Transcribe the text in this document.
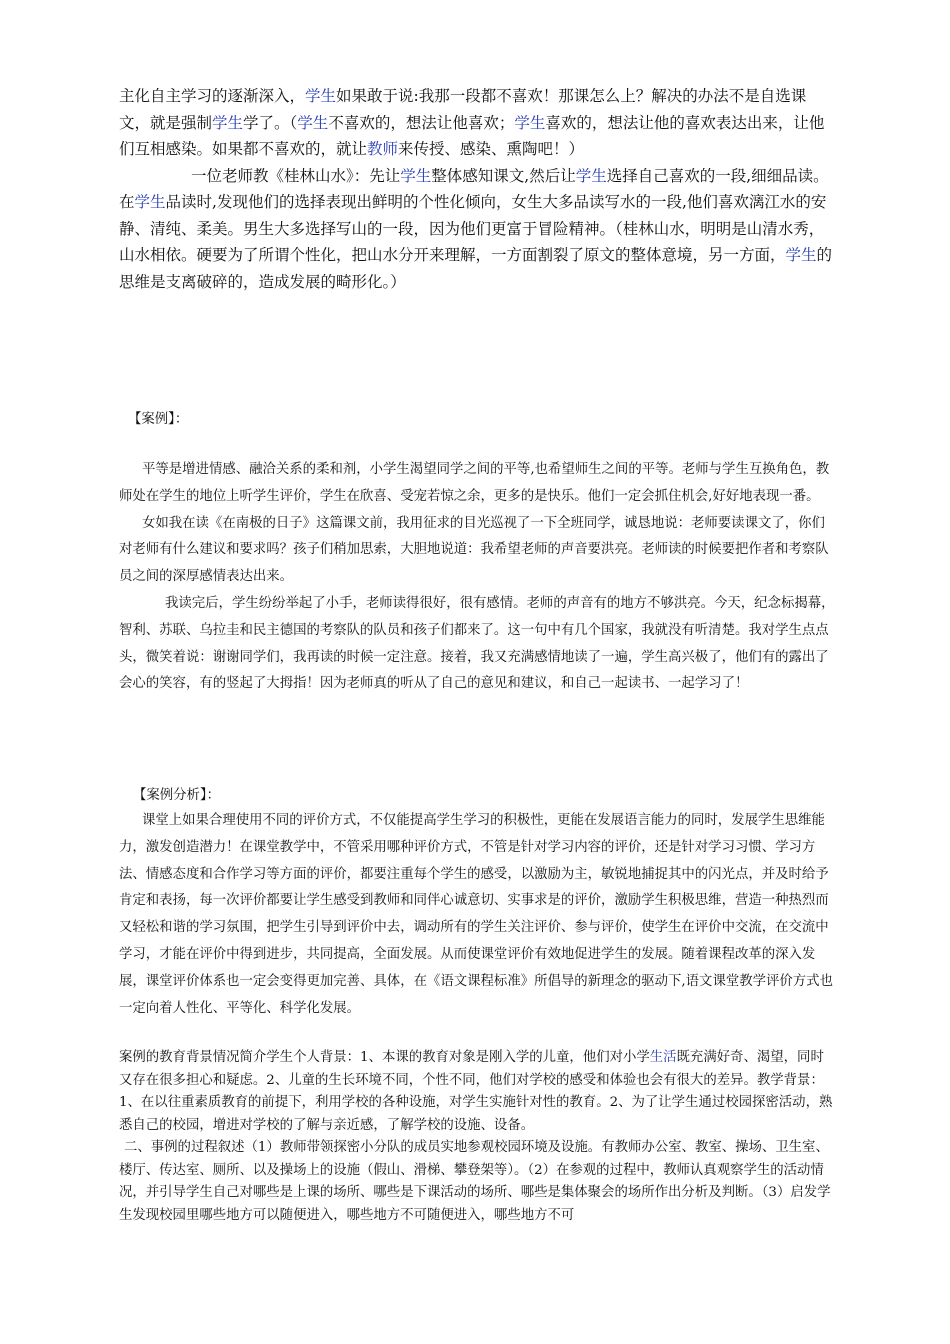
主化自主学习的逐渐深入，学生如果敢于说:我那一段都不喜欢！那课怎么上？解决的办法不是自选课文，就是强制学生学了。（学生不喜欢的，想法让他喜欢；学生喜欢的，想法让他的喜欢表达出来，让他们互相感染。如果都不喜欢的，就让教师来传授、感染、熏陶吧！）

一位老师教《桂林山水》：先让学生整体感知课文,然后让学生选择自己喜欢的一段,细细品读。在学生品读时,发现他们的选择表现出鲜明的个性化倾向，女生大多品读写水的一段,他们喜欢漓江水的安静、清纯、柔美。男生大多选择写山的一段，因为他们更富于冒险精神。（桂林山水，明明是山清水秀，山水相依。硬要为了所谓个性化，把山水分开来理解，一方面割裂了原文的整体意境，另一方面，学生的思维是支离破碎的，造成发展的畸形化。）

【案例】：

平等是增进情感、融洽关系的柔和剂，小学生渴望同学之间的平等,也希望师生之间的平等。老师与学生互换角色，教师处在学生的地位上听学生评价，学生在欣喜、受宠若惊之余，更多的是快乐。他们一定会抓住机会,好好地表现一番。

女如我在读《在南极的日子》这篇课文前，我用征求的目光巡视了一下全班同学，诚恳地说：老师要读课文了，你们对老师有什么建议和要求吗？孩子们稍加思索，大胆地说道：我希望老师的声音要洪亮。老师读的时候要把作者和考察队员之间的深厚感情表达出来。

我读完后，学生纷纷举起了小手，老师读得很好，很有感情。老师的声音有的地方不够洪亮。今天，纪念标揭幕，智利、苏联、乌拉圭和民主德国的考察队的队员和孩子们都来了。这一句中有几个国家，我就没有听清楚。我对学生点点头，微笑着说：谢谢同学们，我再读的时候一定注意。接着，我又充满感情地读了一遍，学生高兴极了，他们有的露出了会心的笑容，有的竖起了大拇指！因为老师真的听从了自己的意见和建议，和自己一起读书、一起学习了！

【案例分析】：

课堂上如果合理使用不同的评价方式，不仅能提高学生学习的积极性，更能在发展语言能力的同时，发展学生思维能力，激发创造潜力！在课堂教学中，不管采用哪种评价方式，不管是针对学习内容的评价，还是针对学习习惯、学习方法、情感态度和合作学习等方面的评价，都要注重每个学生的感受，以激励为主，敏锐地捕捉其中的闪光点，并及时给予肯定和表扬，每一次评价都要让学生感受到教师和同伴心诚意切、实事求是的评价，激励学生积极思维，营造一种热烈而又轻松和谐的学习氛围，把学生引导到评价中去，调动所有的学生关注评价、参与评价，使学生在评价中交流，在交流中学习，才能在评价中得到进步，共同提高，全面发展。从而使课堂评价有效地促进学生的发展。随着课程改革的深入发展，课堂评价体系也一定会变得更加完善、具体，在《语文课程标准》所倡导的新理念的驱动下,语文课堂教学评价方式也一定向着人性化、平等化、科学化发展。

案例的教育背景情况简介学生个人背景：1、本课的教育对象是刚入学的儿童，他们对小学生活既充满好奇、渴望，同时又存在很多担心和疑虑。2、儿童的生长环境不同，个性不同，他们对学校的感受和体验也会有很大的差异。教学背景：1、在以往重素质教育的前提下，利用学校的各种设施，对学生实施针对性的教育。2、为了让学生通过校园探密活动，熟悉自己的校园，增进对学校的了解与亲近感，了解学校的设施、设备。

二、事例的过程叙述（1）教师带领探密小分队的成员实地参观校园环境及设施。有教师办公室、教室、操场、卫生室、楼厅、传达室、厕所、以及操场上的设施（假山、滑梯、攀登架等）。（2）在参观的过程中，教师认真观察学生的活动情况，并引导学生自己对哪些是上课的场所、哪些是下课活动的场所、哪些是集体聚会的场所作出分析及判断。（3）启发学生发现校园里哪些地方可以随便进入，哪些地方不可随便进入，哪些地方不可
